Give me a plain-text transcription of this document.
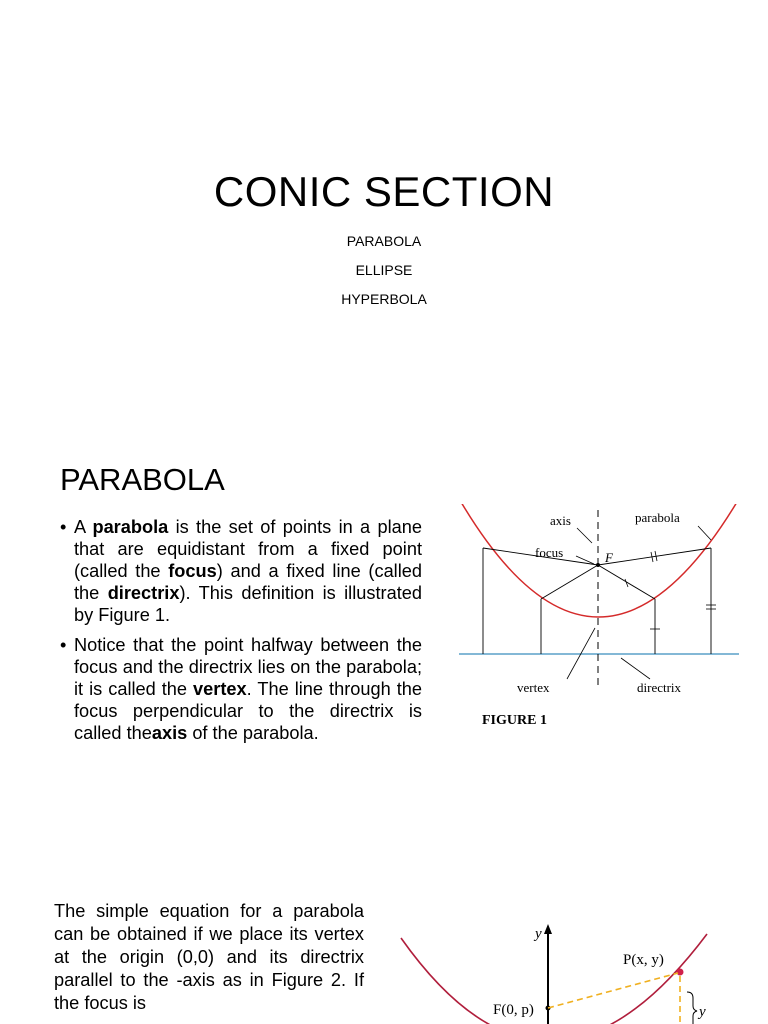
CONIC SECTION
PARABOLA
ELLIPSE
HYPERBOLA
PARABOLA
• A parabola is the set of points in a plane that are equidistant from a fixed point (called the focus) and a fixed line (called the directrix). This definition is illustrated by Figure 1.
• Notice that the point halfway between the focus and the directrix lies on the parabola; it is called the vertex. The line through the focus perpendicular to the directrix is called theaxis of the parabola.
axis	parabola
focus	F
vertex	directrix
FIGURE 1
The simple equation for a parabola can be obtained if we place its vertex at the origin (0,0) and its directrix parallel to the -axis as in Figure 2. If the focus is
y
P(x, y)
F(0, p)	y
